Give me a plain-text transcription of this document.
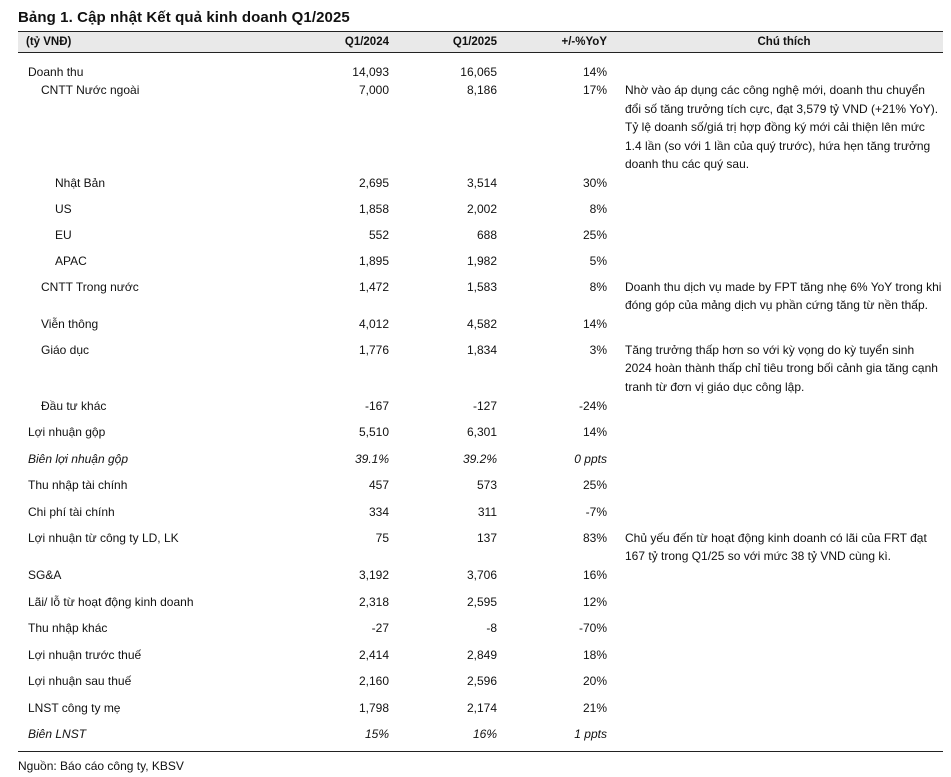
Bảng 1. Cập nhật Kết quả kinh doanh Q1/2025
(tỷ VNĐ)	Q1/2024	Q1/2025	+/-%YoY		Chú thích
Doanh thu	14,093	16,065	14%		
CNTT Nước ngoài	7,000	8,186	17%		Nhờ vào áp dụng các công nghệ mới, doanh thu chuyển đổi số tăng trưởng tích cực, đạt 3,579 tỷ VND (+21% YoY). Tỷ lệ doanh số/giá trị hợp đồng ký mới cải thiện lên mức 1.4 lần (so với 1 lần của quý trước), hứa hẹn tăng trưởng doanh thu các quý sau.
Nhật Bản	2,695	3,514	30%		
US	1,858	2,002	8%		
EU	552	688	25%		
APAC	1,895	1,982	5%		
CNTT Trong nước	1,472	1,583	8%		Doanh thu dịch vụ made by FPT tăng nhẹ 6% YoY trong khi đóng góp của mảng dịch vụ phần cứng tăng từ nền thấp.
Viễn thông	4,012	4,582	14%		
Giáo dục	1,776	1,834	3%		Tăng trưởng thấp hơn so với kỳ vọng do kỳ tuyển sinh 2024 hoàn thành thấp chỉ tiêu trong bối cảnh gia tăng cạnh tranh từ đơn vị giáo dục công lập.
Đầu tư khác	-167	-127	-24%		
Lợi nhuận gộp	5,510	6,301	14%		
Biên lợi nhuận gộp	39.1%	39.2%	0 ppts		
Thu nhập tài chính	457	573	25%		
Chi phí tài chính	334	311	-7%		
Lợi nhuận từ công ty LD, LK	75	137	83%		Chủ yếu đến từ hoạt động kinh doanh có lãi của FRT đạt 167 tỷ trong Q1/25 so với mức 38 tỷ VND cùng kì.
SG&A	3,192	3,706	16%		
Lãi/ lỗ từ hoạt động kinh doanh	2,318	2,595	12%		
Thu nhập khác	-27	-8	-70%		
Lợi nhuận trước thuế	2,414	2,849	18%		
Lợi nhuận sau thuế	2,160	2,596	20%		
LNST công ty mẹ	1,798	2,174	21%		
Biên LNST	15%	16%	1 ppts		
Nguồn: Báo cáo công ty, KBSV
